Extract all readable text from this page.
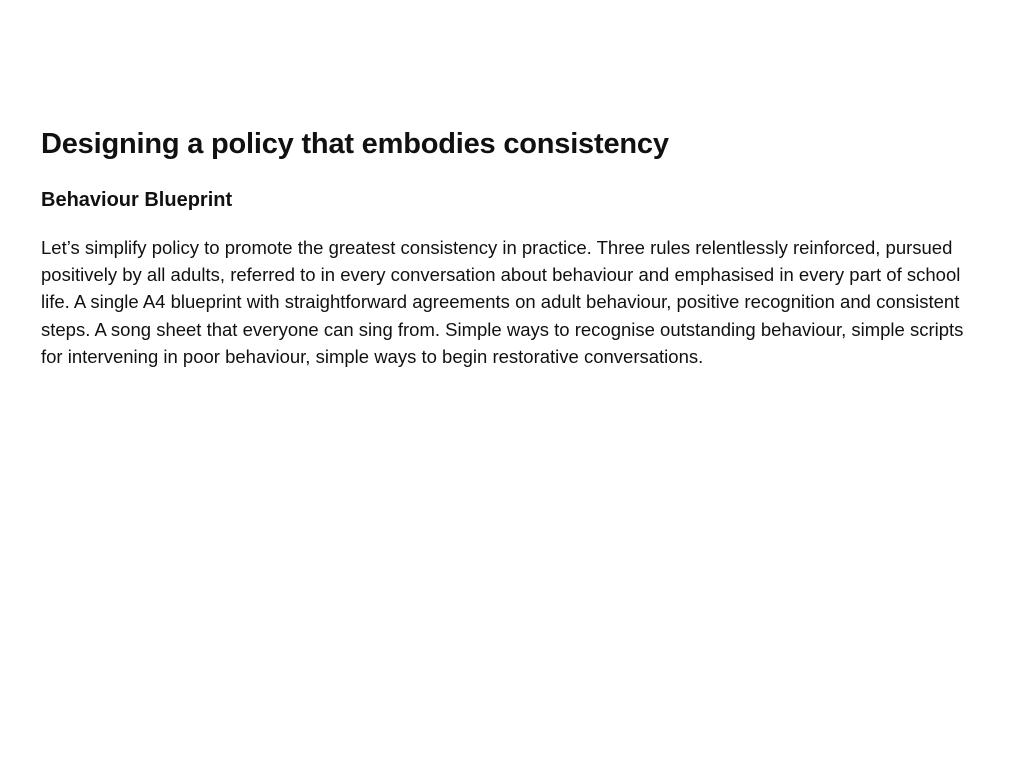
Designing a policy that embodies consistency
Behaviour Blueprint

Let’s simplify policy to promote the greatest consistency in practice. Three rules relentlessly reinforced, pursued positively by all adults, referred to in every conversation about behaviour and emphasised in every part of school life. A single A4 blueprint with straightforward agreements on adult behaviour, positive recognition and consistent steps. A song sheet that everyone can sing from. Simple ways to recognise outstanding behaviour, simple scripts for intervening in poor behaviour, simple ways to begin restorative conversations.
